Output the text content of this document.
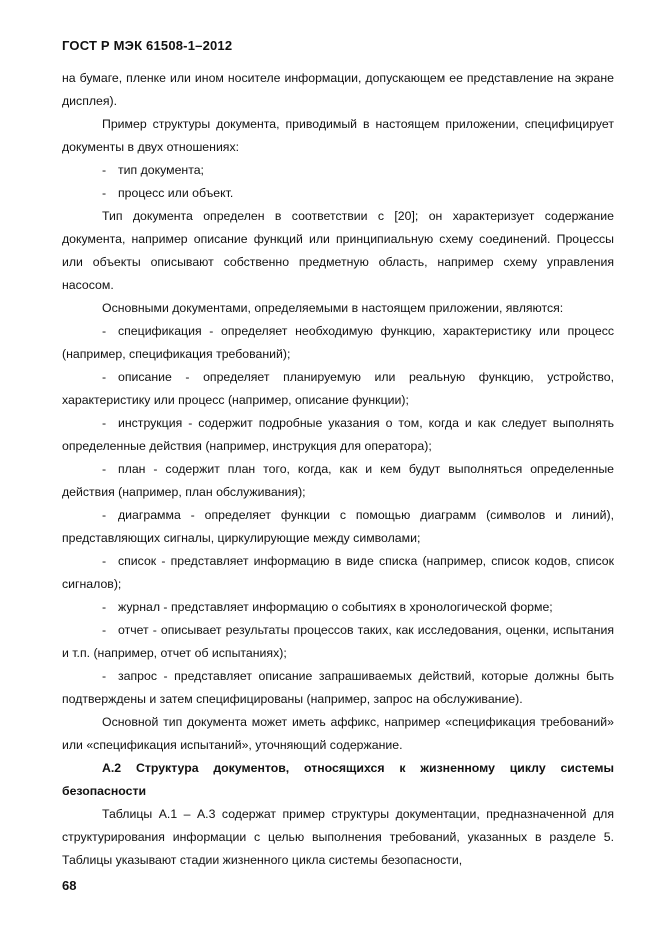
ГОСТ Р МЭК 61508-1–2012

на бумаге, пленке или ином носителе информации, допускающем ее представление на экране дисплея).

Пример структуры документа, приводимый в настоящем приложении, специфицирует документы в двух отношениях:

- тип документа;

- процесс или объект.

Тип документа определен в соответствии с [20]; он характеризует содержание документа, например описание функций или принципиальную схему соединений. Процессы или объекты описывают собственно предметную область, например схему управления насосом.

Основными документами, определяемыми в настоящем приложении, являются:

- спецификация - определяет необходимую функцию, характеристику или процесс (например, спецификация требований);

- описание - определяет планируемую или реальную функцию, устройство, характеристику или процесс (например, описание функции);

- инструкция - содержит подробные указания о том, когда и как следует выполнять определенные действия (например, инструкция для оператора);

- план - содержит план того, когда, как и кем будут выполняться определенные действия (например, план обслуживания);

- диаграмма - определяет функции с помощью диаграмм (символов и линий), представляющих сигналы, циркулирующие между символами;

- список - представляет информацию в виде списка (например, список кодов, список сигналов);

- журнал - представляет информацию о событиях в хронологической форме;

- отчет - описывает результаты процессов таких, как исследования, оценки, испытания и т.п. (например, отчет об испытаниях);

- запрос - представляет описание запрашиваемых действий, которые должны быть подтверждены и затем специфицированы (например, запрос на обслуживание).

Основной тип документа может иметь аффикс, например «спецификация требований» или «спецификация испытаний», уточняющий содержание.

А.2 Структура документов, относящихся к жизненному циклу системы безопасности

Таблицы А.1 – А.3 содержат пример структуры документации, предназначенной для структурирования информации с целью выполнения требований, указанных в разделе 5. Таблицы указывают стадии жизненного цикла системы безопасности,

68
